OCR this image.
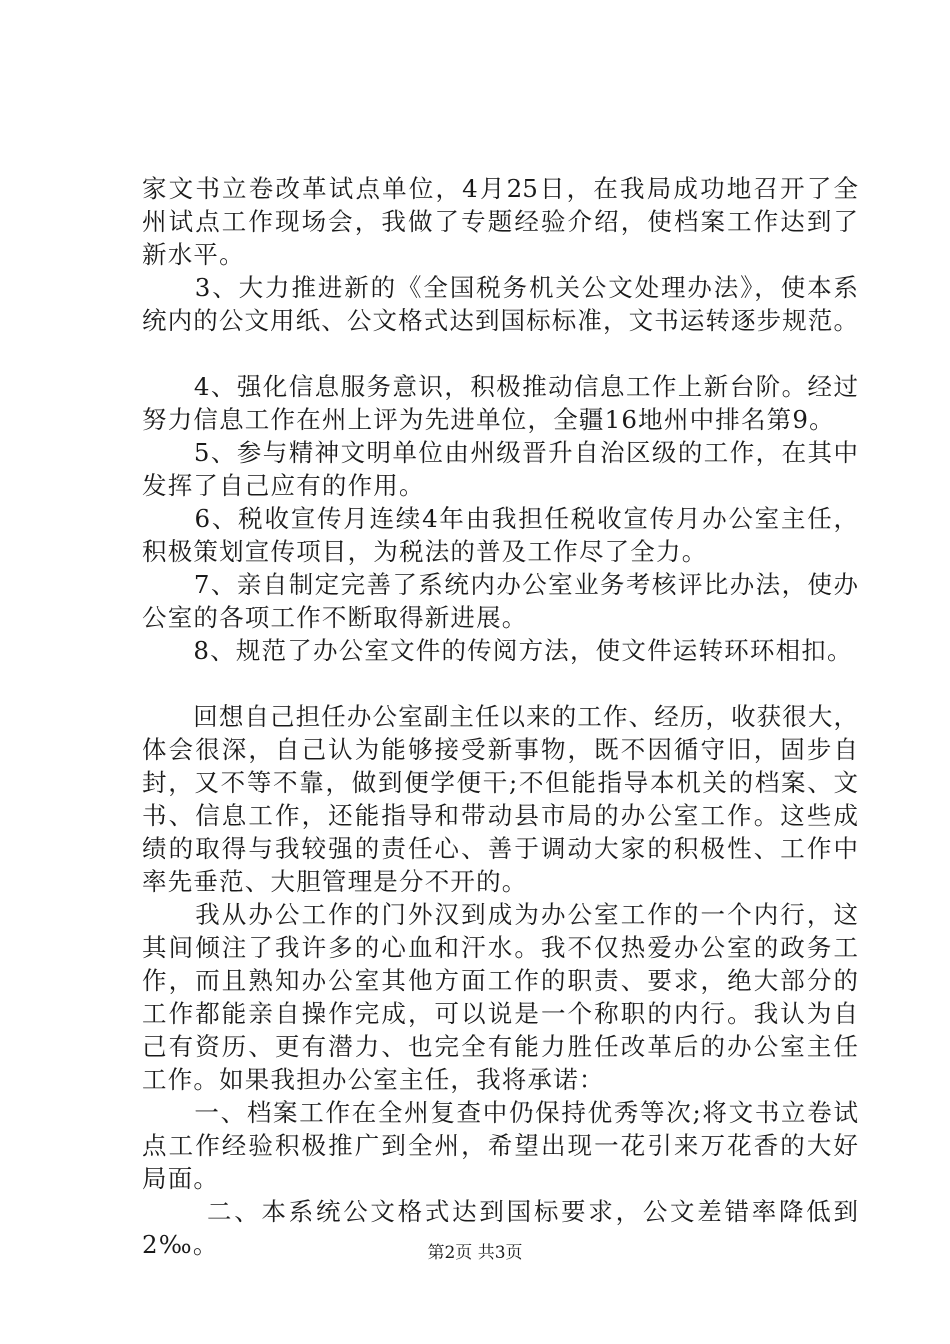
家文书立卷改革试点单位，4月25日，在我局成功地召开了全
州试点工作现场会，我做了专题经验介绍，使档案工作达到了
新水平。
　　3、大力推进新的《全国税务机关公文处理办法》，使本系
统内的公文用纸、公文格式达到国标标准，文书运转逐步规范。
　　4、强化信息服务意识，积极推动信息工作上新台阶。经过
努力信息工作在州上评为先进单位，全疆16地州中排名第9。
　　5、参与精神文明单位由州级晋升自治区级的工作，在其中
发挥了自己应有的作用。
　　6、税收宣传月连续4年由我担任税收宣传月办公室主任，
积极策划宣传项目，为税法的普及工作尽了全力。
　　7、亲自制定完善了系统内办公室业务考核评比办法，使办
公室的各项工作不断取得新进展。
　　8、规范了办公室文件的传阅方法，使文件运转环环相扣。
　　回想自己担任办公室副主任以来的工作、经历，收获很大，
体会很深，自己认为能够接受新事物，既不因循守旧，固步自
封，又不等不靠，做到便学便干;不但能指导本机关的档案、文
书、信息工作，还能指导和带动县市局的办公室工作。这些成
绩的取得与我较强的责任心、善于调动大家的积极性、工作中
率先垂范、大胆管理是分不开的。
　　我从办公工作的门外汉到成为办公室工作的一个内行，这
其间倾注了我许多的心血和汗水。我不仅热爱办公室的政务工
作，而且熟知办公室其他方面工作的职责、要求，绝大部分的
工作都能亲自操作完成，可以说是一个称职的内行。我认为自
己有资历、更有潜力、也完全有能力胜任改革后的办公室主任
工作。如果我担办公室主任，我将承诺：
　　一、档案工作在全州复查中仍保持优秀等次;将文书立卷试
点工作经验积极推广到全州，希望出现一花引来万花香的大好
局面。
　　 二、本系统公文格式达到国标要求，公文差错率降低到
2‰。	第2页 共3页
